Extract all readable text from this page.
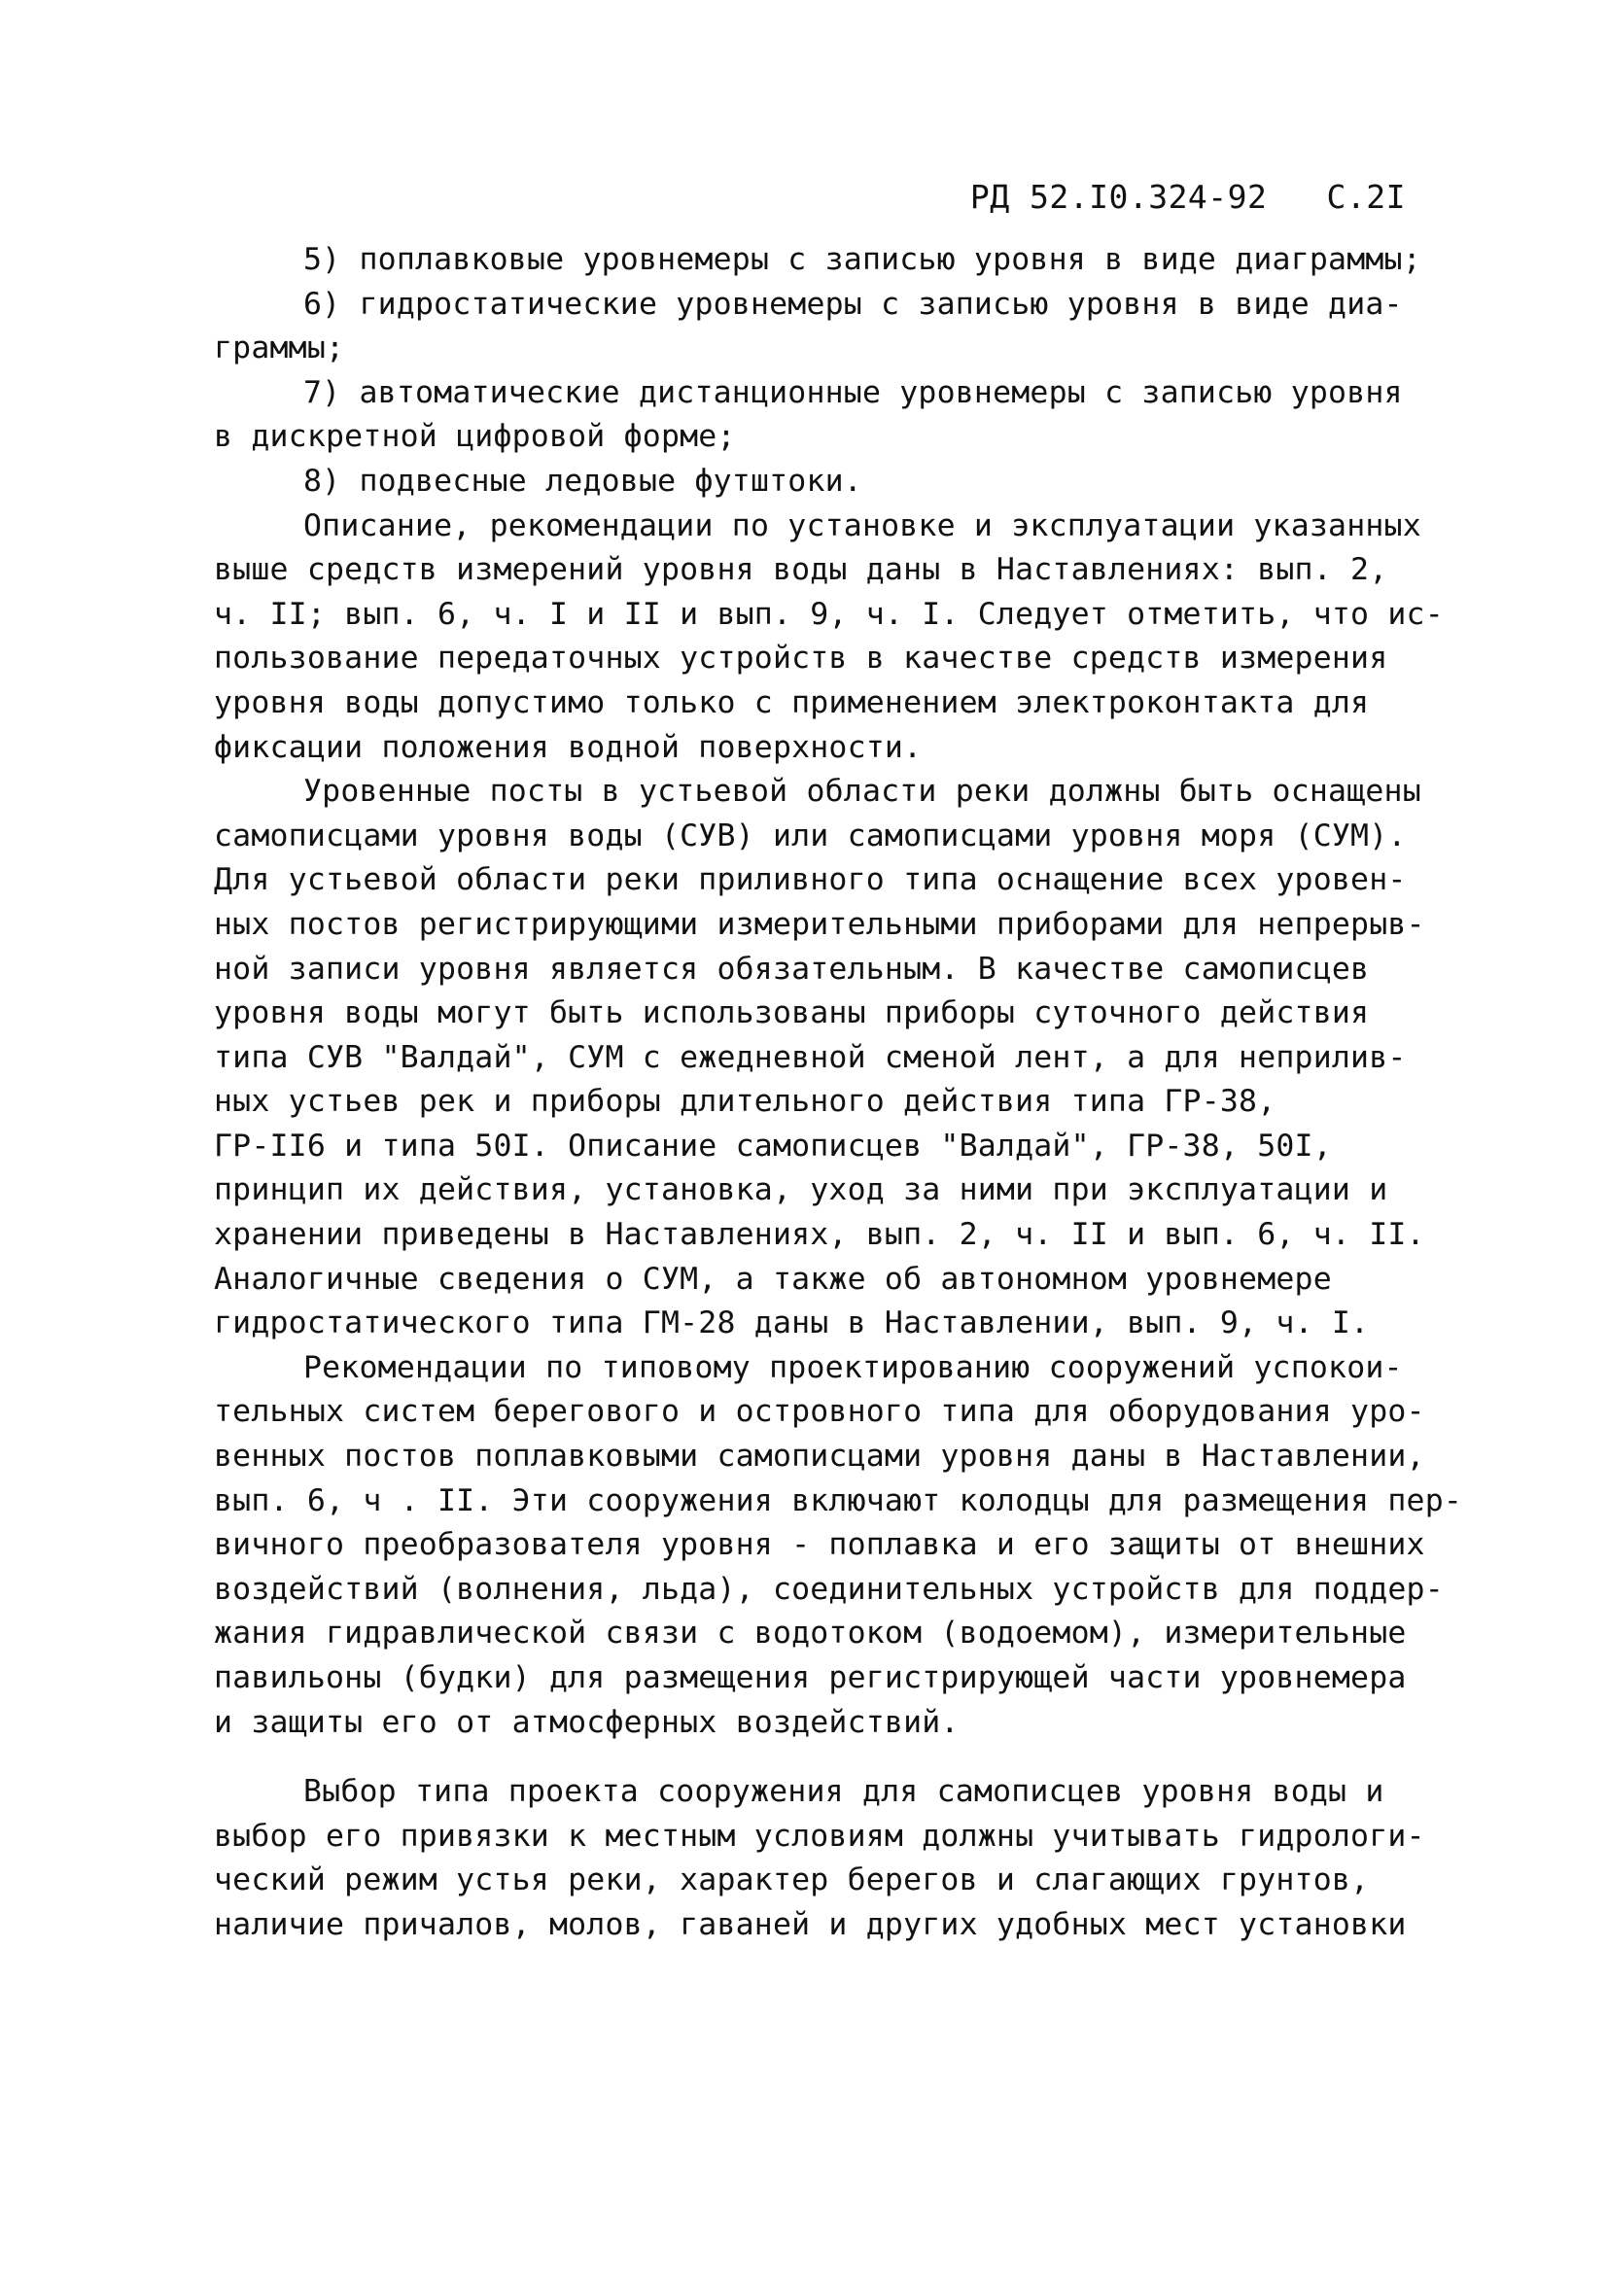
РД 52.I0.324-92 С.2I
5) поплавковые уровнемеры с записью уровня в виде диаграммы;
6) гидростатические уровнемеры с записью уровня в виде диа-
граммы;
7) автоматические дистанционные уровнемеры с записью уровня
в дискретной цифровой форме;
8) подвесные ледовые футштоки.
Описание, рекомендации по установке и эксплуатации указанных
выше средств измерений уровня воды даны в Наставлениях: вып. 2,
ч. II; вып. 6, ч. I и II и вып. 9, ч. I. Следует отметить, что ис-
пользование передаточных устройств в качестве средств измерения
уровня воды допустимо только с применением электроконтакта для
фиксации положения водной поверхности.
Уровенные посты в устьевой области реки должны быть оснащены
самописцами уровня воды (СУВ) или самописцами уровня моря (СУМ).
Для устьевой области реки приливного типа оснащение всех уровен-
ных постов регистрирующими измерительными приборами для непрерыв-
ной записи уровня является обязательным. В качестве самописцев
уровня воды могут быть использованы приборы суточного действия
типа СУВ "Валдай", СУМ с ежедневной сменой лент, а для неприлив-
ных устьев рек и приборы длительного действия типа ГР-38,
ГР-II6 и типа 50I. Описание самописцев "Валдай", ГР-38, 50I,
принцип их действия, установка, уход за ними при эксплуатации и
хранении приведены в Наставлениях, вып. 2, ч. II и вып. 6, ч. II.
Аналогичные сведения о СУМ, а также об автономном уровнемере
гидростатического типа ГМ-28 даны в Наставлении, вып. 9, ч. I.
Рекомендации по типовому проектированию сооружений успокои-
тельных систем берегового и островного типа для оборудования уро-
венных постов поплавковыми самописцами уровня даны в Наставлении,
вып. 6, ч . II. Эти сооружения включают колодцы для размещения пер-
вичного преобразователя уровня - поплавка и его защиты от внешних
воздействий (волнения, льда), соединительных устройств для поддер-
жания гидравлической связи с водотоком (водоемом), измерительные
павильоны (будки) для размещения регистрирующей части уровнемера
и защиты его от атмосферных воздействий.
Выбор типа проекта сооружения для самописцев уровня воды и
выбор его привязки к местным условиям должны учитывать гидрологи-
ческий режим устья реки, характер берегов и слагающих грунтов,
наличие причалов, молов, гаваней и других удобных мест установки
